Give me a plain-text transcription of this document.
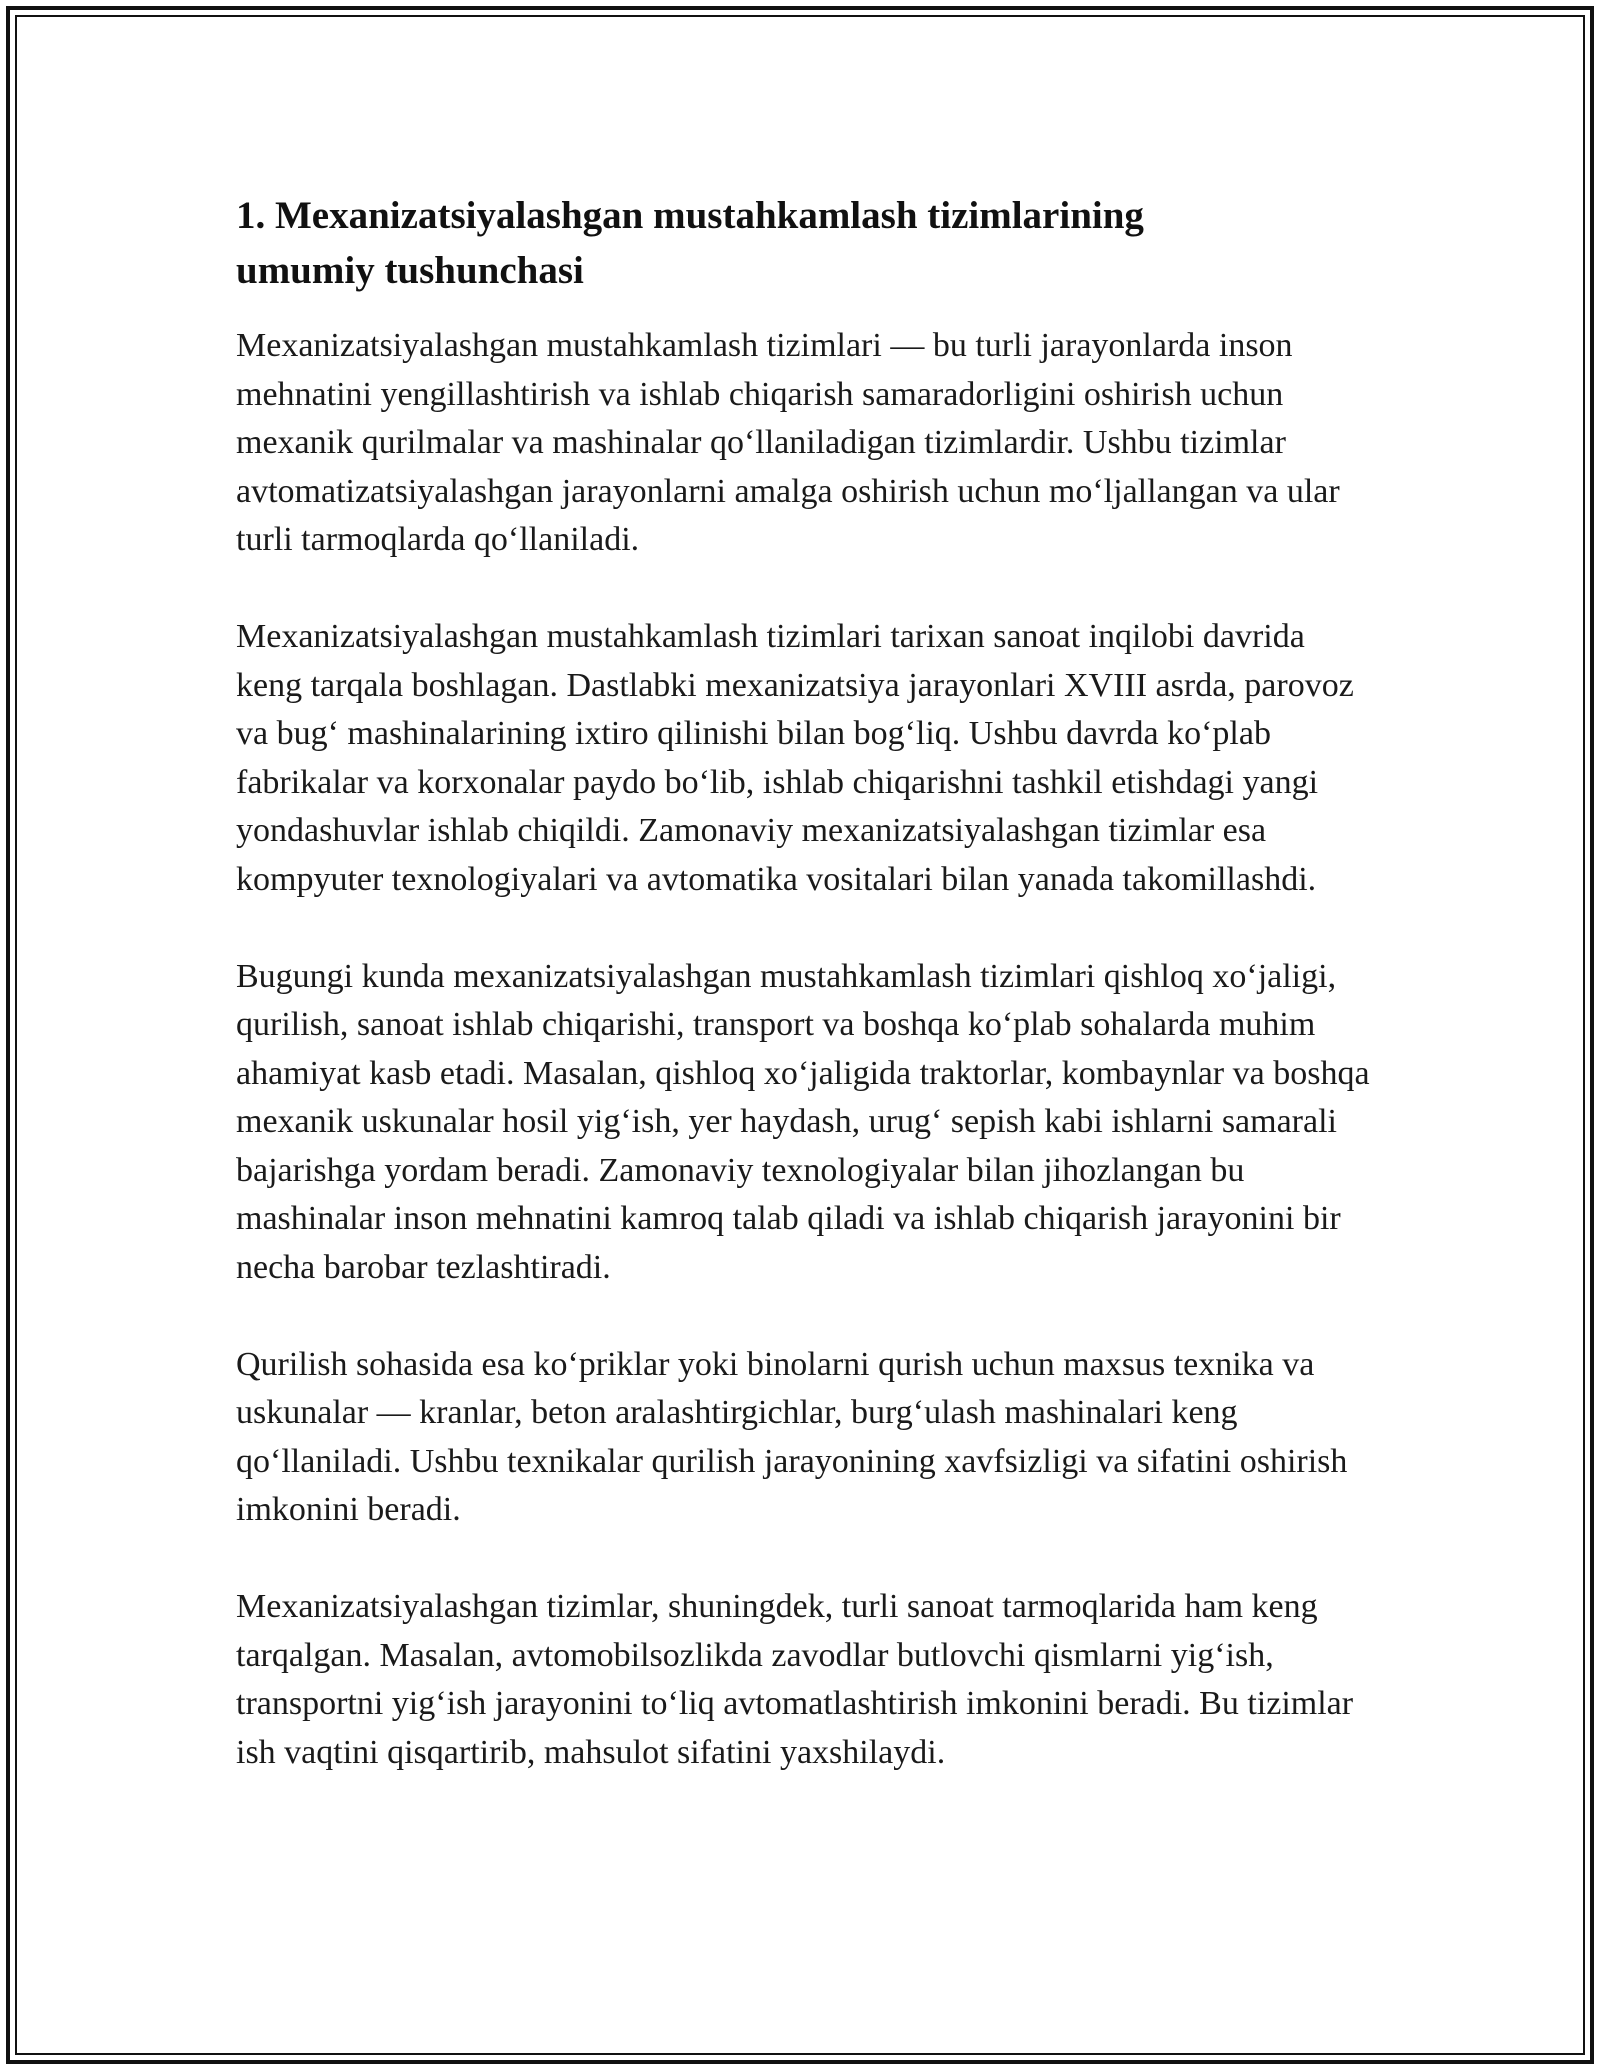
1. Mexanizatsiyalashgan mustahkamlash tizimlarining
umumiy tushunchasi

Mexanizatsiyalashgan mustahkamlash tizimlari — bu turli jarayonlarda inson mehnatini yengillashtirish va ishlab chiqarish samaradorligini oshirish uchun mexanik qurilmalar va mashinalar qo‘llaniladigan tizimlardir. Ushbu tizimlar avtomatizatsiyalashgan jarayonlarni amalga oshirish uchun mo‘ljallangan va ular turli tarmoqlarda qo‘llaniladi.

Mexanizatsiyalashgan mustahkamlash tizimlari tarixan sanoat inqilobi davrida keng tarqala boshlagan. Dastlabki mexanizatsiya jarayonlari XVIII asrda, parovoz va bug‘ mashinalarining ixtiro qilinishi bilan bog‘liq. Ushbu davrda ko‘plab fabrikalar va korxonalar paydo bo‘lib, ishlab chiqarishni tashkil etishdagi yangi yondashuvlar ishlab chiqildi. Zamonaviy mexanizatsiyalashgan tizimlar esa kompyuter texnologiyalari va avtomatika vositalari bilan yanada takomillashdi.

Bugungi kunda mexanizatsiyalashgan mustahkamlash tizimlari qishloq xo‘jaligi, qurilish, sanoat ishlab chiqarishi, transport va boshqa ko‘plab sohalarda muhim ahamiyat kasb etadi. Masalan, qishloq xo‘jaligida traktorlar, kombaynlar va boshqa mexanik uskunalar hosil yig‘ish, yer haydash, urug‘ sepish kabi ishlarni samarali bajarishga yordam beradi. Zamonaviy texnologiyalar bilan jihozlangan bu mashinalar inson mehnatini kamroq talab qiladi va ishlab chiqarish jarayonini bir necha barobar tezlashtiradi.

Qurilish sohasida esa ko‘priklar yoki binolarni qurish uchun maxsus texnika va uskunalar — kranlar, beton aralashtirgichlar, burg‘ulash mashinalari keng qo‘llaniladi. Ushbu texnikalar qurilish jarayonining xavfsizligi va sifatini oshirish imkonini beradi.

Mexanizatsiyalashgan tizimlar, shuningdek, turli sanoat tarmoqlarida ham keng tarqalgan. Masalan, avtomobilsozlikda zavodlar butlovchi qismlarni yig‘ish, transportni yig‘ish jarayonini to‘liq avtomatlashtirish imkonini beradi. Bu tizimlar ish vaqtini qisqartirib, mahsulot sifatini yaxshilaydi.
